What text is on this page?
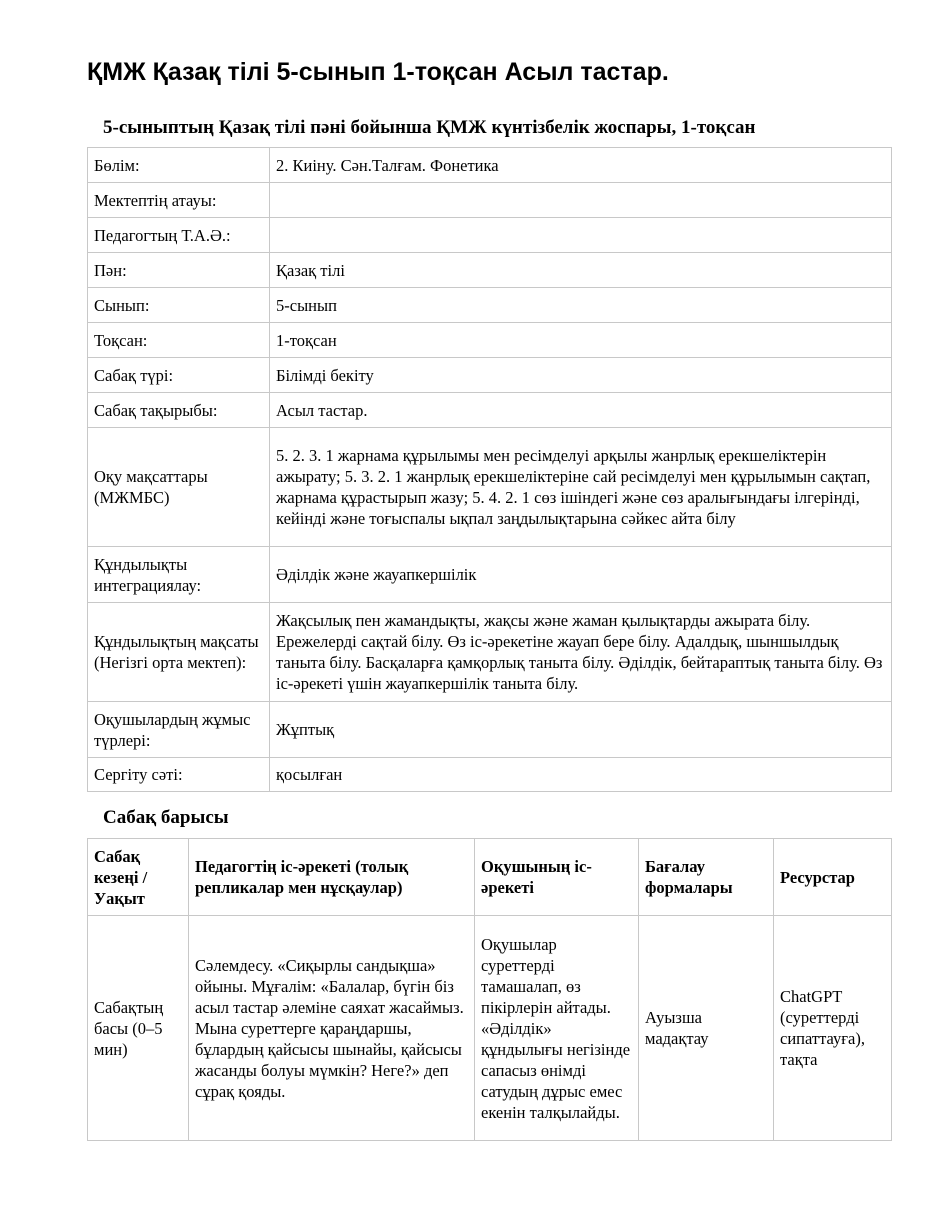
ҚМЖ Қазақ тілі 5-сынып 1-тоқсан Асыл тастар.
5-сыныптың Қазақ тілі пәні бойынша ҚМЖ күнтізбелік жоспары, 1-тоқсан
Бөлім:	2. Киіну. Сән.Талғам. Фонетика
Мектептің атауы:	
Педагогтың Т.А.Ә.:	
Пән:	Қазақ тілі
Сынып:	5-сынып
Тоқсан:	1-тоқсан
Сабақ түрі:	Білімді бекіту
Сабақ тақырыбы:	Асыл тастар.
Оқу мақсаттары (МЖМБС)	5. 2. 3. 1 жарнама құрылымы мен ресімделуі арқылы жанрлық ерекшеліктерін ажырату; 5. 3. 2. 1 жанрлық ерекшеліктеріне сай ресімделуі мен құрылымын сақтап, жарнама құрастырып жазу; 5. 4. 2. 1 сөз ішіндегі және сөз аралығындағы ілгерінді, кейінді және тоғыспалы ықпал заңдылықтарына сәйкес айта білу
Құндылықты интеграциялау:	Әділдік және жауапкершілік
Құндылықтың мақсаты (Негізгі орта мектеп):	Жақсылық пен жамандықты, жақсы және жаман қылықтарды ажырата білу. Ережелерді сақтай білу. Өз іс-әрекетіне жауап бере білу. Адалдық, шыншылдық таныта білу. Басқаларға қамқорлық таныта білу. Әділдік, бейтараптық таныта білу. Өз іс-әрекеті үшін жауапкершілік танытa білу.
Оқушылардың жұмыс түрлері:	Жұптық
Сергіту сәті:	қосылған
Сабақ барысы
Сабақ кезеңі / Уақыт	Педагогтің іс-әрекеті (толық репликалар мен нұсқаулар)	Оқушының іс-әрекеті	Бағалау формалары	Ресурстар
Сабақтың басы (0–5 мин)	Сәлемдесу. «Сиқырлы сандықша» ойыны. Мұғалім: «Балалар, бүгін біз асыл тастар әлеміне саяхат жасаймыз. Мына суреттерге қараңдаршы, бұлардың қайсысы шынайы, қайсысы жасанды болуы мүмкін? Неге?» деп сұрақ қояды.	Оқушылар суреттерді тамашалап, өз пікірлерін айтады. «Әділдік» құндылығы негізінде сапасыз өнімді сатудың дұрыс емес екенін талқылайды.	Ауызша мадақтау	ChatGPT (суреттерді сипаттауға), тақта
